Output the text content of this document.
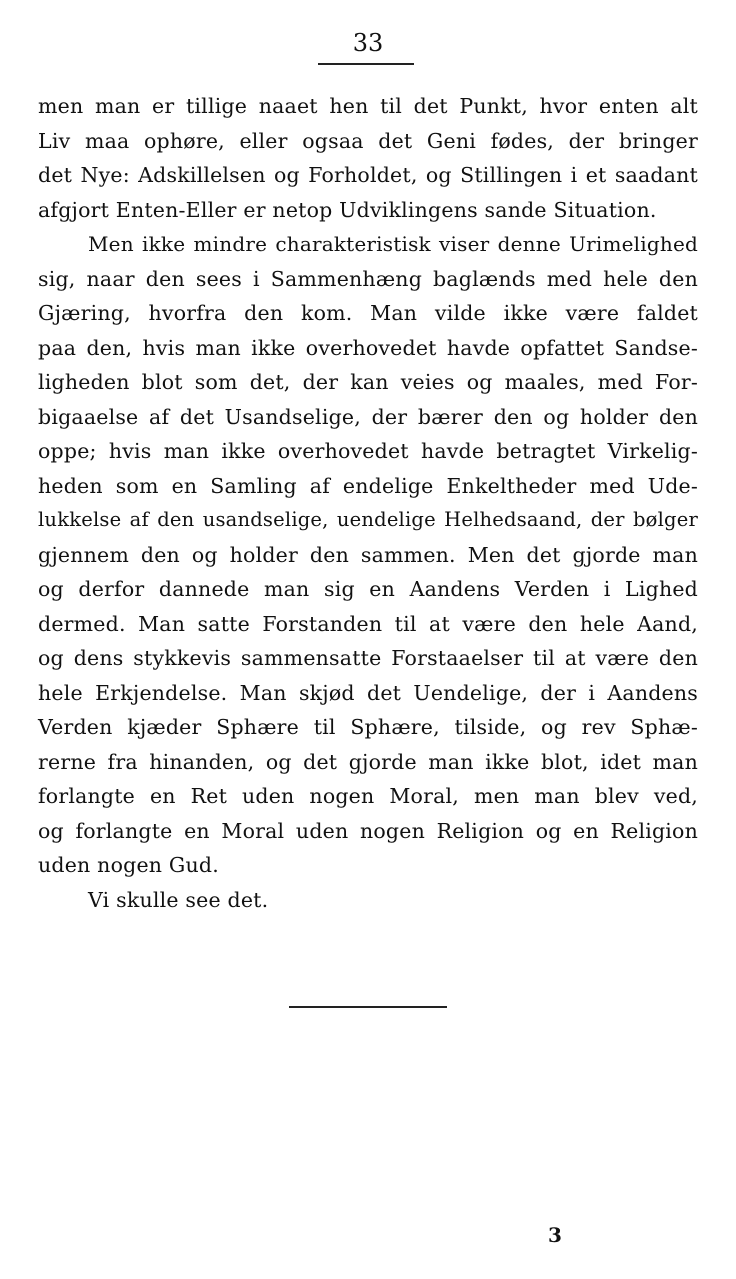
33
men man er tillige naaet hen til det Punkt, hvor enten alt
Liv maa ophøre, eller ogsaa det Geni fødes, der bringer
det Nye: Adskillelsen og Forholdet, og Stillingen i et saadant
afgjort Enten-Eller er netop Udviklingens sande Situation.
Men ikke mindre charakteristisk viser denne Urimelighed
sig, naar den sees i Sammenhæng baglænds med hele den
Gjæring, hvorfra den kom. Man vilde ikke være faldet
paa den, hvis man ikke overhovedet havde opfattet Sandse-
ligheden blot som det, der kan veies og maales, med For-
bigaaelse af det Usandselige, der bærer den og holder den
oppe; hvis man ikke overhovedet havde betragtet Virkelig-
heden som en Samling af endelige Enkeltheder med Ude-
lukkelse af den usandselige, uendelige Helhedsaand, der bølger
gjennem den og holder den sammen. Men det gjorde man
og derfor dannede man sig en Aandens Verden i Lighed
dermed. Man satte Forstanden til at være den hele Aand,
og dens stykkevis sammensatte Forstaaelser til at være den
hele Erkjendelse. Man skjød det Uendelige, der i Aandens
Verden kjæder Sphære til Sphære, tilside, og rev Sphæ-
rerne fra hinanden, og det gjorde man ikke blot, idet man
forlangte en Ret uden nogen Moral, men man blev ved,
og forlangte en Moral uden nogen Religion og en Religion
uden nogen Gud.
Vi skulle see det.
3
